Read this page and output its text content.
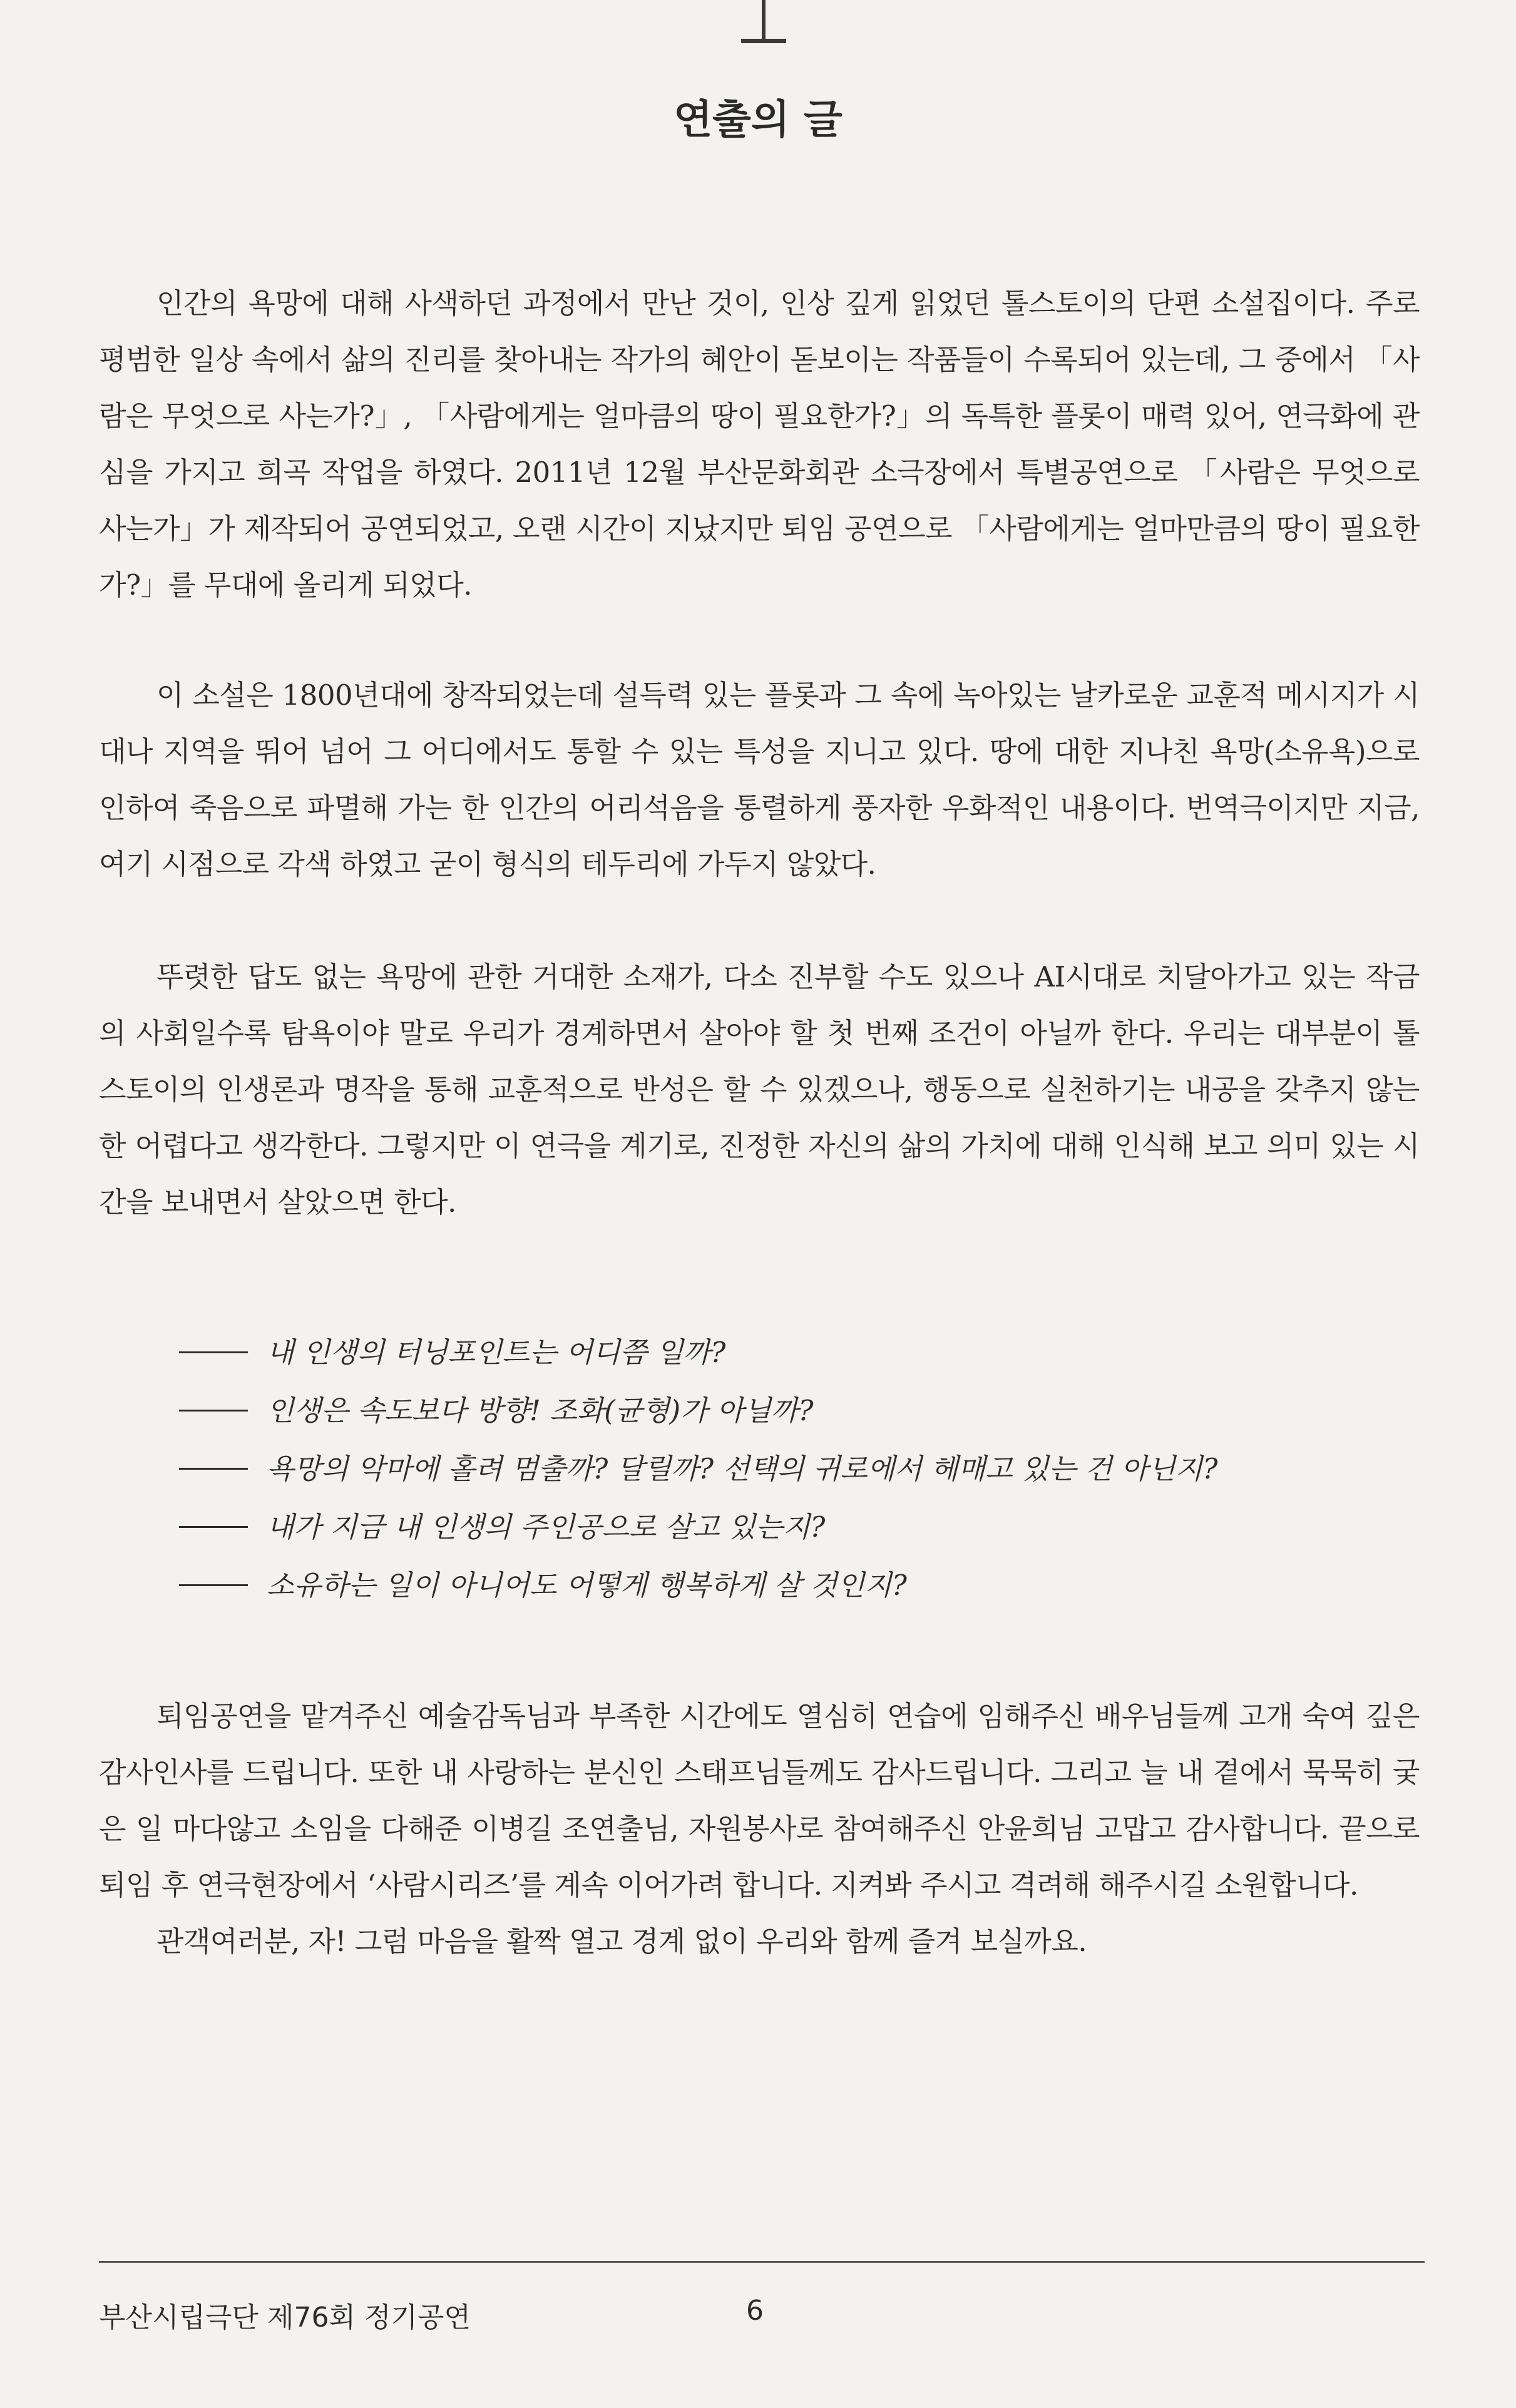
연출의 글

인간의 욕망에 대해 사색하던 과정에서 만난 것이, 인상 깊게 읽었던 톨스토이의 단편 소설집이다. 주로 평범한 일상 속에서 삶의 진리를 찾아내는 작가의 혜안이 돋보이는 작품들이 수록되어 있는데, 그 중에서 「사람은 무엇으로 사는가?」, 「사람에게는 얼마큼의 땅이 필요한가?」의 독특한 플롯이 매력 있어, 연극화에 관심을 가지고 희곡 작업을 하였다. 2011년 12월 부산문화회관 소극장에서 특별공연으로 「사람은 무엇으로 사는가」가 제작되어 공연되었고, 오랜 시간이 지났지만 퇴임 공연으로 「사람에게는 얼마만큼의 땅이 필요한가?」를 무대에 올리게 되었다.

이 소설은 1800년대에 창작되었는데 설득력 있는 플롯과 그 속에 녹아있는 날카로운 교훈적 메시지가 시대나 지역을 뛰어 넘어 그 어디에서도 통할 수 있는 특성을 지니고 있다. 땅에 대한 지나친 욕망(소유욕)으로 인하여 죽음으로 파멸해 가는 한 인간의 어리석음을 통렬하게 풍자한 우화적인 내용이다. 번역극이지만 지금, 여기 시점으로 각색 하였고 굳이 형식의 테두리에 가두지 않았다.

뚜렷한 답도 없는 욕망에 관한 거대한 소재가, 다소 진부할 수도 있으나 AI시대로 치달아가고 있는 작금의 사회일수록 탐욕이야 말로 우리가 경계하면서 살아야 할 첫 번째 조건이 아닐까 한다. 우리는 대부분이 톨스토이의 인생론과 명작을 통해 교훈적으로 반성은 할 수 있겠으나, 행동으로 실천하기는 내공을 갖추지 않는 한 어렵다고 생각한다. 그렇지만 이 연극을 계기로, 진정한 자신의 삶의 가치에 대해 인식해 보고 의미 있는 시간을 보내면서 살았으면 한다.

내 인생의 터닝포인트는 어디쯤 일까?
인생은 속도보다 방향! 조화(균형)가 아닐까?
욕망의 악마에 홀려 멈출까? 달릴까? 선택의 귀로에서 헤매고 있는 건 아닌지?
내가 지금 내 인생의 주인공으로 살고 있는지?
소유하는 일이 아니어도 어떻게 행복하게 살 것인지?

퇴임공연을 맡겨주신 예술감독님과 부족한 시간에도 열심히 연습에 임해주신 배우님들께 고개 숙여 깊은 감사인사를 드립니다. 또한 내 사랑하는 분신인 스태프님들께도 감사드립니다. 그리고 늘 내 곁에서 묵묵히 궂은 일 마다않고 소임을 다해준 이병길 조연출님, 자원봉사로 참여해주신 안윤희님 고맙고 감사합니다. 끝으로 퇴임 후 연극현장에서 ‘사람시리즈’를 계속 이어가려 합니다. 지켜봐 주시고 격려해 해주시길 소원합니다.

관객여러분, 자! 그럼 마음을 활짝 열고 경계 없이 우리와 함께 즐겨 보실까요.

부산시립극단 제76회 정기공연	6
